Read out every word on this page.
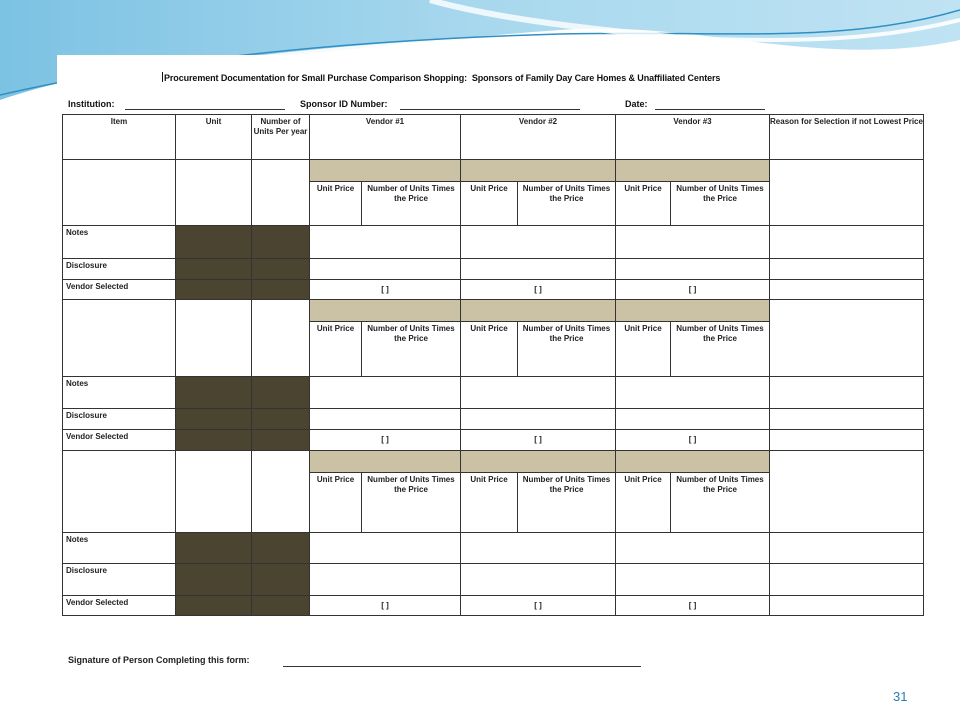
Procurement Documentation for Small Purchase Comparison Shopping: Sponsors of Family Day Care Homes & Unaffiliated Centers
Institution:	Sponsor ID Number:	Date:
Item	Unit	Number of Units Per year	Vendor #1		Vendor #2		Vendor #3		Reason for Selection if not Lowest Price

			Unit Price	Number of Units Times the Price	Unit Price	Number of Units Times the Price	Unit Price	Number of Units Times the Price	
Notes									
Disclosure									
Vendor Selected			[ ]		[ ]		[ ]		

			Unit Price	Number of Units Times the Price	Unit Price	Number of Units Times the Price	Unit Price	Number of Units Times the Price	
Notes									
Disclosure									
Vendor Selected			[ ]		[ ]		[ ]		

			Unit Price	Number of Units Times the Price	Unit Price	Number of Units Times the Price	Unit Price	Number of Units Times the Price	
Notes									
Disclosure									
Vendor Selected			[ ]		[ ]		[ ]		
Signature of Person Completing this form:
31
